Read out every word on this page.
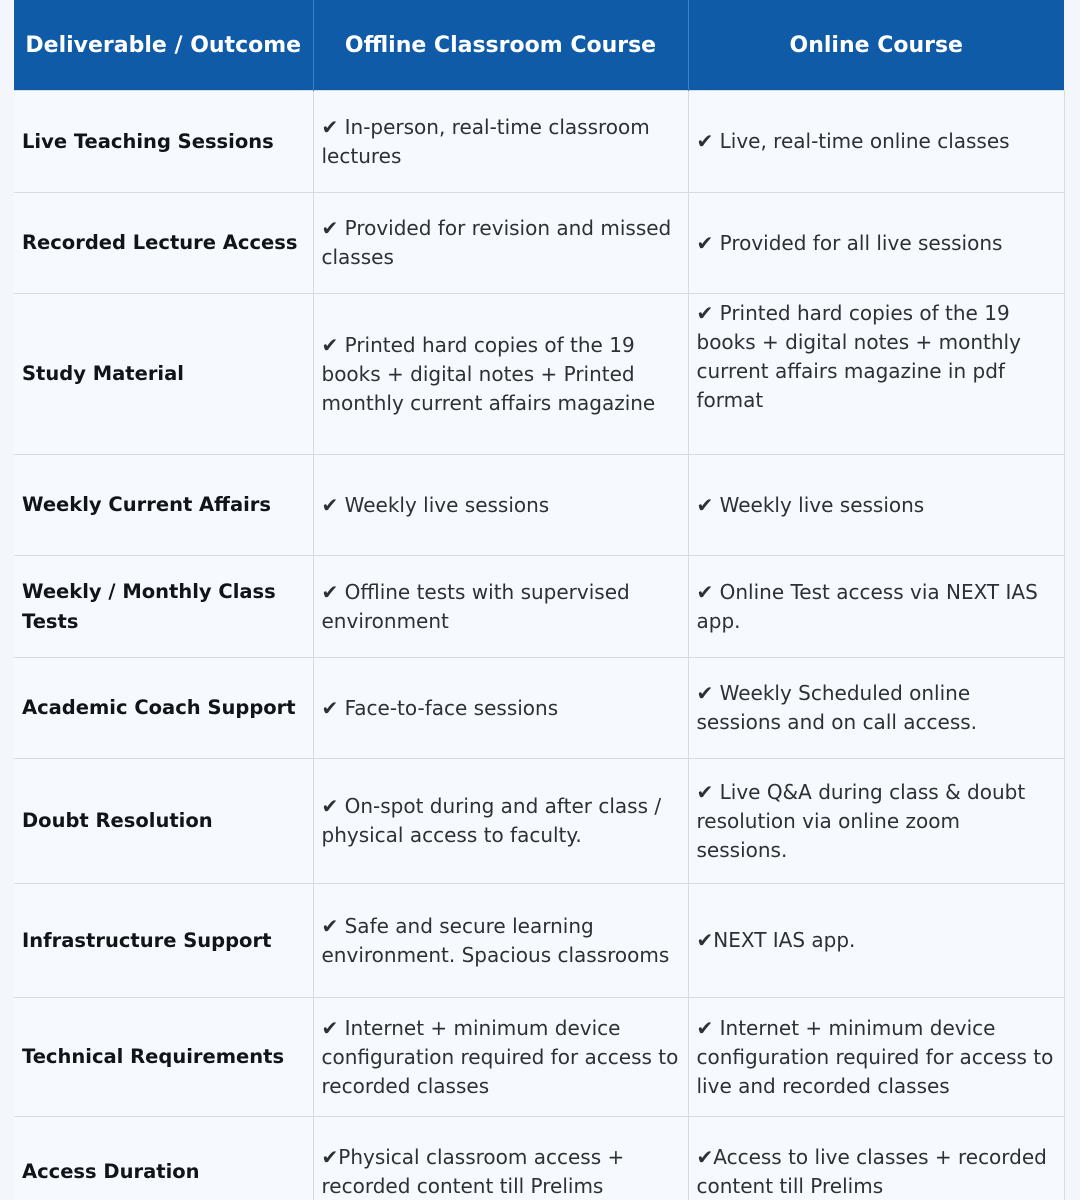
Deliverable / Outcome	Offline Classroom Course	Online Course
Live Teaching Sessions	✔ In-person, real-time classroom lectures	✔ Live, real-time online classes
Recorded Lecture Access	✔ Provided for revision and missed classes	✔ Provided for all live sessions
Study Material	✔ Printed hard copies of the 19 books + digital notes + Printed monthly current affairs magazine	✔ Printed hard copies of the 19 books + digital notes + monthly current affairs magazine in pdf format
Weekly Current Affairs	✔ Weekly live sessions	✔ Weekly live sessions
Weekly / Monthly Class Tests	✔ Offline tests with supervised environment	✔ Online Test access via NEXT IAS app.
Academic Coach Support	✔ Face-to-face sessions	✔ Weekly Scheduled online sessions and on call access.
Doubt Resolution	✔ On-spot during and after class / physical access to faculty.	✔ Live Q&A during class & doubt resolution via online zoom sessions.
Infrastructure Support	✔ Safe and secure learning environment. Spacious classrooms	✔NEXT IAS app.
Technical Requirements	✔ Internet + minimum device configuration required for access to recorded classes	✔ Internet + minimum device configuration required for access to live and recorded classes
Access Duration	✔Physical classroom access + recorded content till Prelims	✔Access to live classes + recorded content till Prelims
